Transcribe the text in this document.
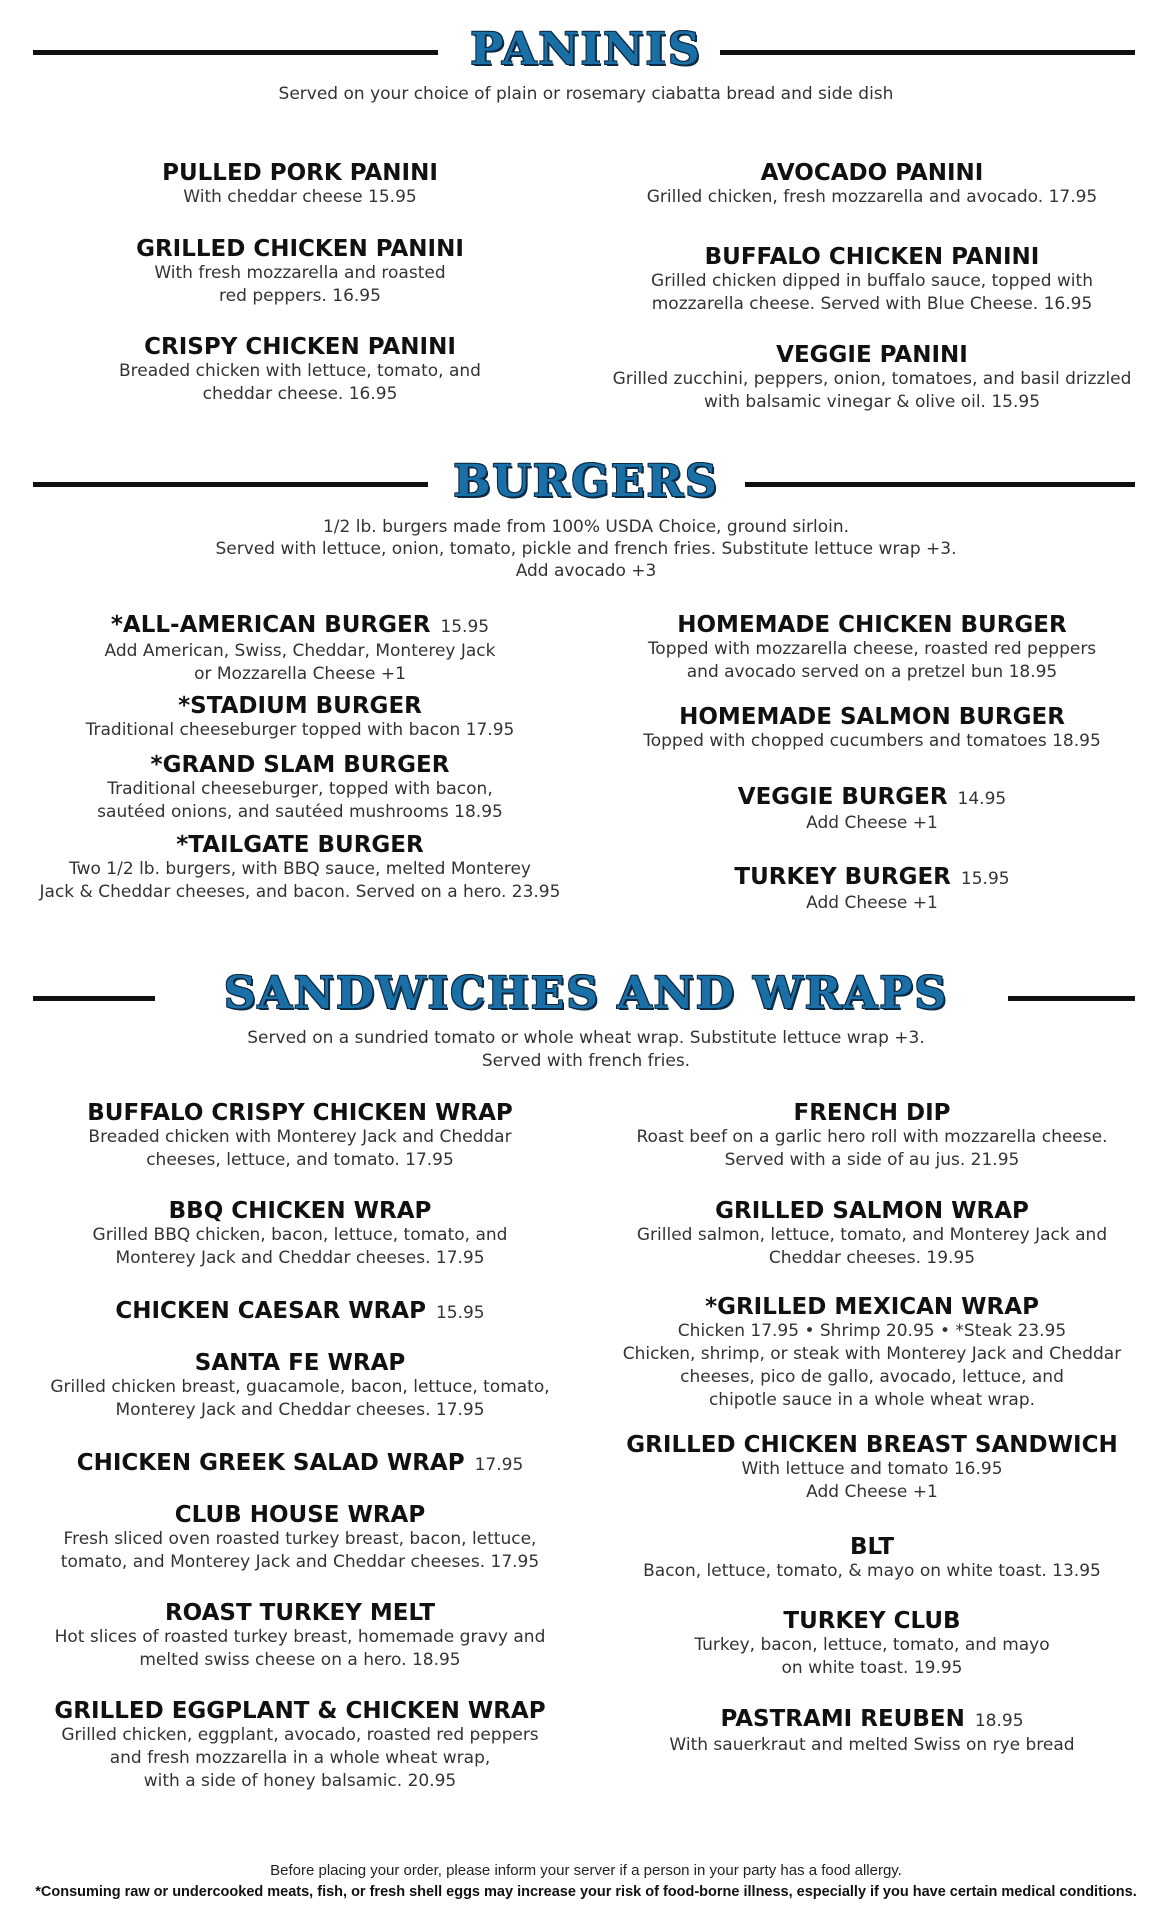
PANINIS
Served on your choice of plain or rosemary ciabatta bread and side dish
PULLED PORK PANINI
With cheddar cheese 15.95
GRILLED CHICKEN PANINI
With fresh mozzarella and roasted
red peppers. 16.95
CRISPY CHICKEN PANINI
Breaded chicken with lettuce, tomato, and
cheddar cheese. 16.95
AVOCADO PANINI
Grilled chicken, fresh mozzarella and avocado. 17.95
BUFFALO CHICKEN PANINI
Grilled chicken dipped in buffalo sauce, topped with
mozzarella cheese. Served with Blue Cheese. 16.95
VEGGIE PANINI
Grilled zucchini, peppers, onion, tomatoes, and basil drizzled
with balsamic vinegar & olive oil. 15.95
BURGERS
1/2 lb. burgers made from 100% USDA Choice, ground sirloin.
Served with lettuce, onion, tomato, pickle and french fries. Substitute lettuce wrap +3.
Add avocado +3
*ALL-AMERICAN BURGER 15.95
Add American, Swiss, Cheddar, Monterey Jack
or Mozzarella Cheese +1
*STADIUM BURGER
Traditional cheeseburger topped with bacon 17.95
*GRAND SLAM BURGER
Traditional cheeseburger, topped with bacon,
sautéed onions, and sautéed mushrooms 18.95
*TAILGATE BURGER
Two 1/2 lb. burgers, with BBQ sauce, melted Monterey
Jack & Cheddar cheeses, and bacon. Served on a hero. 23.95
HOMEMADE CHICKEN BURGER
Topped with mozzarella cheese, roasted red peppers
and avocado served on a pretzel bun 18.95
HOMEMADE SALMON BURGER
Topped with chopped cucumbers and tomatoes 18.95
VEGGIE BURGER 14.95
Add Cheese +1
TURKEY BURGER 15.95
Add Cheese +1
SANDWICHES AND WRAPS
Served on a sundried tomato or whole wheat wrap. Substitute lettuce wrap +3.
Served with french fries.
BUFFALO CRISPY CHICKEN WRAP
Breaded chicken with Monterey Jack and Cheddar
cheeses, lettuce, and tomato. 17.95
BBQ CHICKEN WRAP
Grilled BBQ chicken, bacon, lettuce, tomato, and
Monterey Jack and Cheddar cheeses. 17.95
CHICKEN CAESAR WRAP 15.95
SANTA FE WRAP
Grilled chicken breast, guacamole, bacon, lettuce, tomato,
Monterey Jack and Cheddar cheeses. 17.95
CHICKEN GREEK SALAD WRAP 17.95
CLUB HOUSE WRAP
Fresh sliced oven roasted turkey breast, bacon, lettuce,
tomato, and Monterey Jack and Cheddar cheeses. 17.95
ROAST TURKEY MELT
Hot slices of roasted turkey breast, homemade gravy and
melted swiss cheese on a hero. 18.95
GRILLED EGGPLANT & CHICKEN WRAP
Grilled chicken, eggplant, avocado, roasted red peppers
and fresh mozzarella in a whole wheat wrap,
with a side of honey balsamic. 20.95
FRENCH DIP
Roast beef on a garlic hero roll with mozzarella cheese.
Served with a side of au jus. 21.95
GRILLED SALMON WRAP
Grilled salmon, lettuce, tomato, and Monterey Jack and
Cheddar cheeses. 19.95
*GRILLED MEXICAN WRAP
Chicken 17.95 • Shrimp 20.95 • *Steak 23.95
Chicken, shrimp, or steak with Monterey Jack and Cheddar
cheeses, pico de gallo, avocado, lettuce, and
chipotle sauce in a whole wheat wrap.
GRILLED CHICKEN BREAST SANDWICH
With lettuce and tomato 16.95
Add Cheese +1
BLT
Bacon, lettuce, tomato, & mayo on white toast. 13.95
TURKEY CLUB
Turkey, bacon, lettuce, tomato, and mayo
on white toast. 19.95
PASTRAMI REUBEN 18.95
With sauerkraut and melted Swiss on rye bread
Before placing your order, please inform your server if a person in your party has a food allergy.
*Consuming raw or undercooked meats, fish, or fresh shell eggs may increase your risk of food-borne illness, especially if you have certain medical conditions.
